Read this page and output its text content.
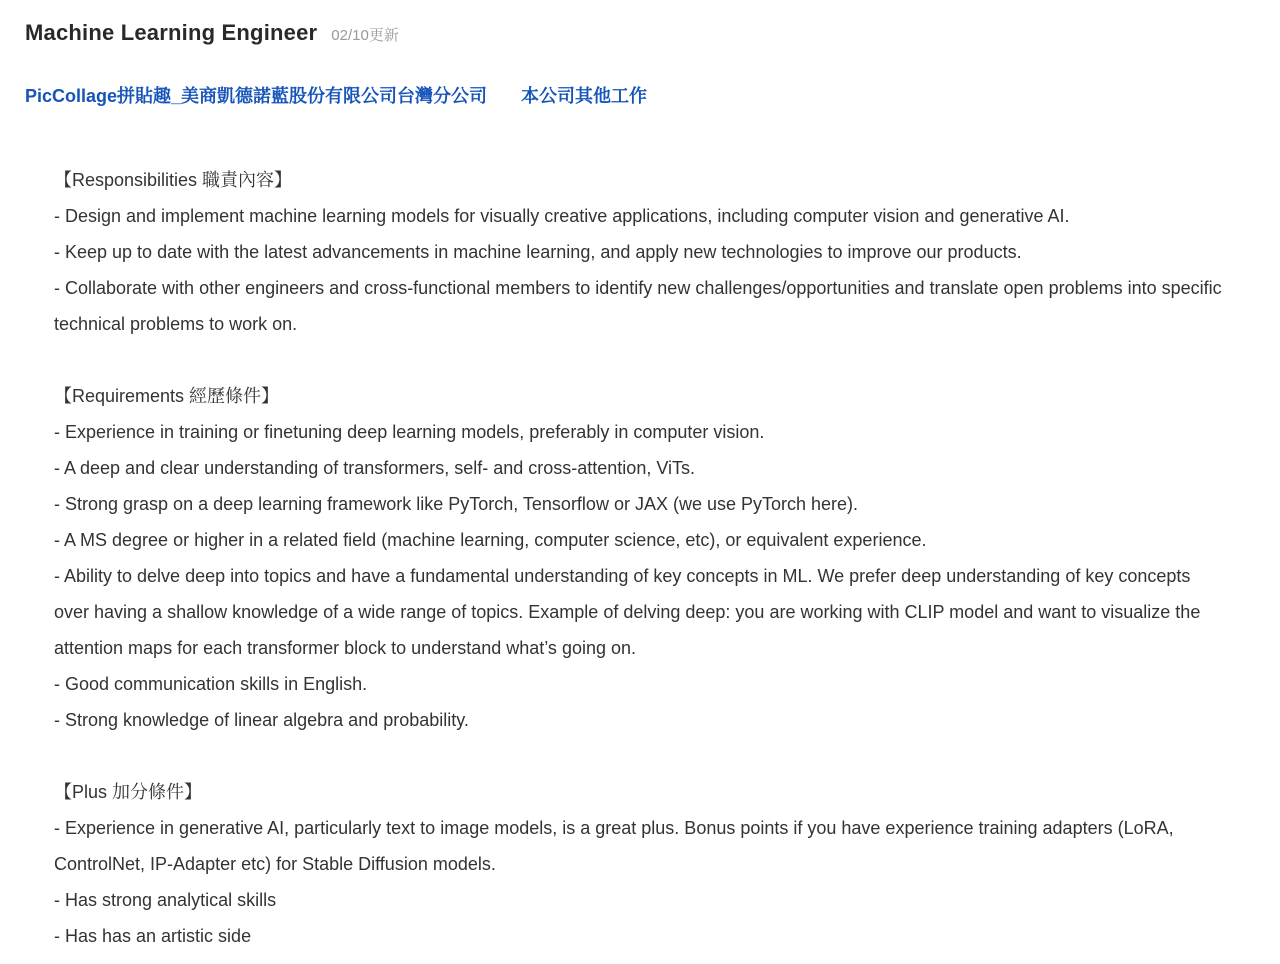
Machine Learning Engineer 02/10更新
PicCollage拼貼趣_美商凱德諾藍股份有限公司台灣分公司 本公司其他工作

【Responsibilities 職責內容】

- Design and implement machine learning models for visually creative applications, including computer vision and generative AI.

- Keep up to date with the latest advancements in machine learning, and apply new technologies to improve our products.

- Collaborate with other engineers and cross-functional members to identify new challenges/opportunities and translate open problems into specific technical problems to work on.

【Requirements 經歷條件】

- Experience in training or finetuning deep learning models, preferably in computer vision.

- A deep and clear understanding of transformers, self- and cross-attention, ViTs.

- Strong grasp on a deep learning framework like PyTorch, Tensorflow or JAX (we use PyTorch here).

- A MS degree or higher in a related field (machine learning, computer science, etc), or equivalent experience.

- Ability to delve deep into topics and have a fundamental understanding of key concepts in ML. We prefer deep understanding of key concepts over having a shallow knowledge of a wide range of topics. Example of delving deep: you are working with CLIP model and want to visualize the attention maps for each transformer block to understand what’s going on.

- Good communication skills in English.

- Strong knowledge of linear algebra and probability.

【Plus 加分條件】

- Experience in generative AI, particularly text to image models, is a great plus. Bonus points if you have experience training adapters (LoRA, ControlNet, IP-Adapter etc) for Stable Diffusion models.

- Has strong analytical skills

- Has has an artistic side
